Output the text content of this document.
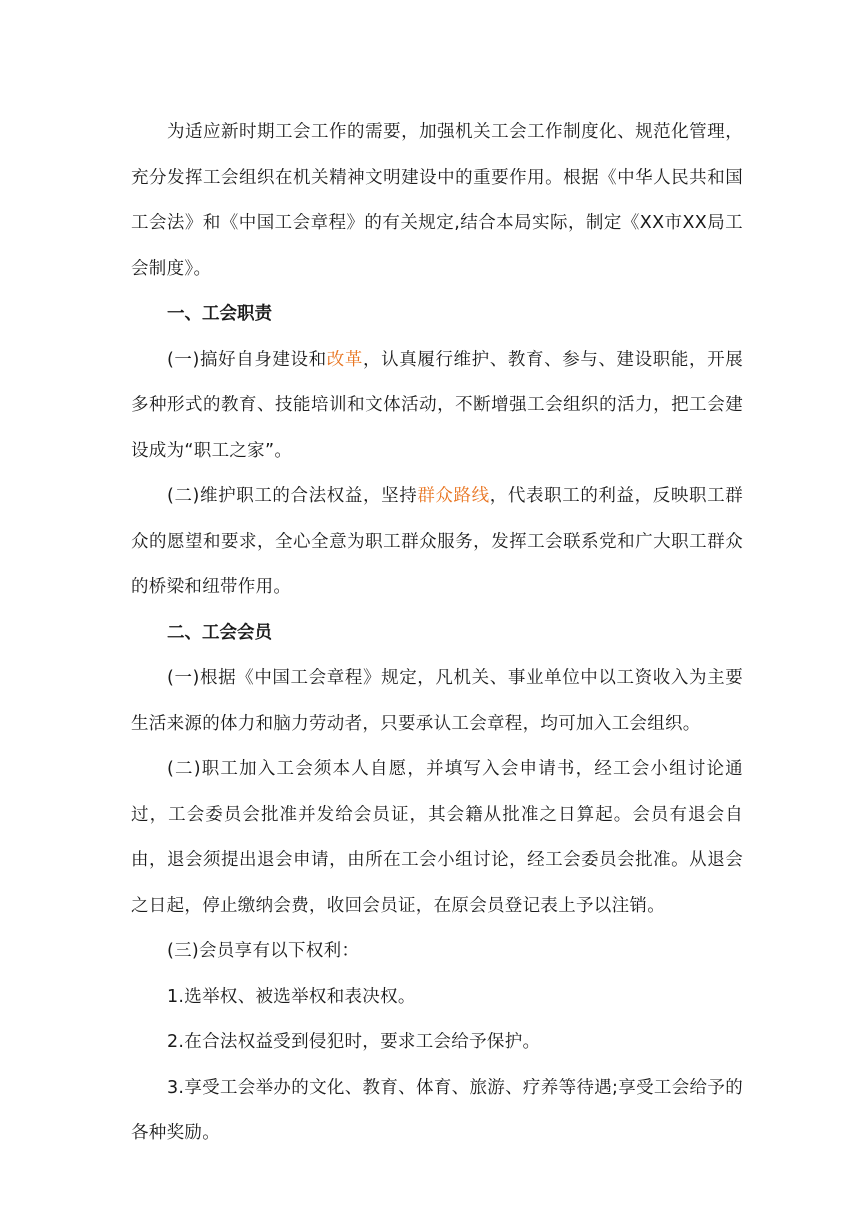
为适应新时期工会工作的需要，加强机关工会工作制度化、规范化管理，充分发挥工会组织在机关精神文明建设中的重要作用。根据《中华人民共和国工会法》和《中国工会章程》的有关规定,结合本局实际，制定《XX市XX局工会制度》。

一、工会职责

(一)搞好自身建设和改革，认真履行维护、教育、参与、建设职能，开展多种形式的教育、技能培训和文体活动，不断增强工会组织的活力，把工会建设成为“职工之家”。

(二)维护职工的合法权益，坚持群众路线，代表职工的利益，反映职工群众的愿望和要求，全心全意为职工群众服务，发挥工会联系党和广大职工群众的桥梁和纽带作用。

二、工会会员

(一)根据《中国工会章程》规定，凡机关、事业单位中以工资收入为主要生活来源的体力和脑力劳动者，只要承认工会章程，均可加入工会组织。

(二)职工加入工会须本人自愿，并填写入会申请书，经工会小组讨论通过，工会委员会批准并发给会员证，其会籍从批准之日算起。会员有退会自由，退会须提出退会申请，由所在工会小组讨论，经工会委员会批准。从退会之日起，停止缴纳会费，收回会员证，在原会员登记表上予以注销。

(三)会员享有以下权利：

1.选举权、被选举权和表决权。

2.在合法权益受到侵犯时，要求工会给予保护。

3.享受工会举办的文化、教育、体育、旅游、疗养等待遇;享受工会给予的各种奖励。
